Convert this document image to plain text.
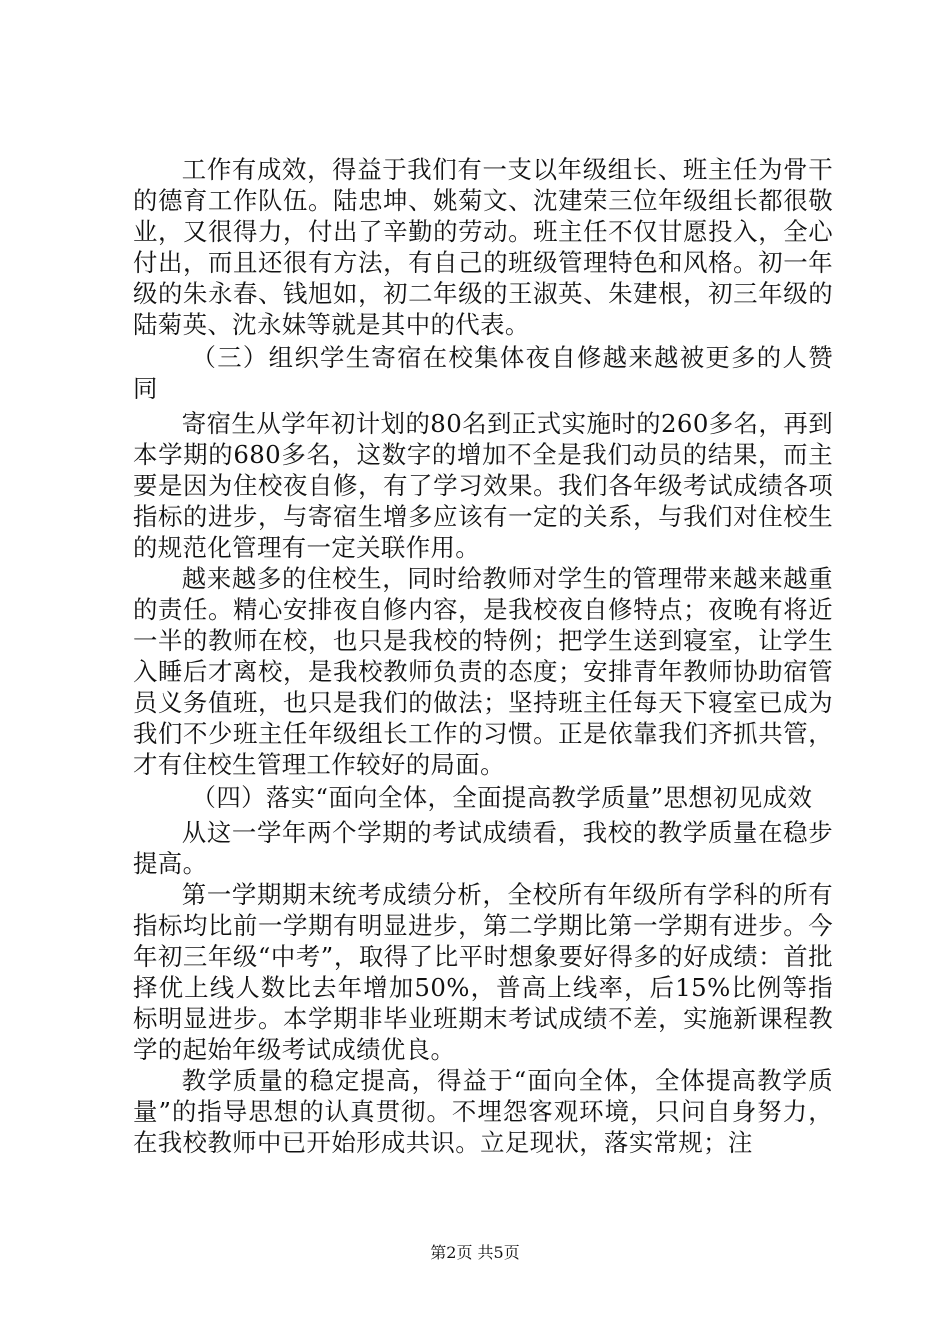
工作有成效，得益于我们有一支以年级组长、班主任为骨干的德育工作队伍。陆忠坤、姚菊文、沈建荣三位年级组长都很敬业，又很得力，付出了辛勤的劳动。班主任不仅甘愿投入，全心付出，而且还很有方法，有自己的班级管理特色和风格。初一年级的朱永春、钱旭如，初二年级的王淑英、朱建根，初三年级的陆菊英、沈永妹等就是其中的代表。

（三）组织学生寄宿在校集体夜自修越来越被更多的人赞同

寄宿生从学年初计划的80名到正式实施时的260多名，再到本学期的680多名，这数字的增加不全是我们动员的结果，而主要是因为住校夜自修，有了学习效果。我们各年级考试成绩各项指标的进步，与寄宿生增多应该有一定的关系，与我们对住校生的规范化管理有一定关联作用。

越来越多的住校生，同时给教师对学生的管理带来越来越重的责任。精心安排夜自修内容，是我校夜自修特点；夜晚有将近一半的教师在校，也只是我校的特例；把学生送到寝室，让学生入睡后才离校，是我校教师负责的态度；安排青年教师协助宿管员义务值班，也只是我们的做法；坚持班主任每天下寝室已成为我们不少班主任年级组长工作的习惯。正是依靠我们齐抓共管，才有住校生管理工作较好的局面。

（四）落实“面向全体，全面提高教学质量”思想初见成效

从这一学年两个学期的考试成绩看，我校的教学质量在稳步提高。

第一学期期末统考成绩分析，全校所有年级所有学科的所有指标均比前一学期有明显进步，第二学期比第一学期有进步。今年初三年级“中考”，取得了比平时想象要好得多的好成绩：首批择优上线人数比去年增加50%，普高上线率，后15%比例等指标明显进步。本学期非毕业班期末考试成绩不差，实施新课程教学的起始年级考试成绩优良。

教学质量的稳定提高，得益于“面向全体，全体提高教学质量”的指导思想的认真贯彻。不埋怨客观环境，只问自身努力，在我校教师中已开始形成共识。立足现状，落实常规；注

第2页 共5页
